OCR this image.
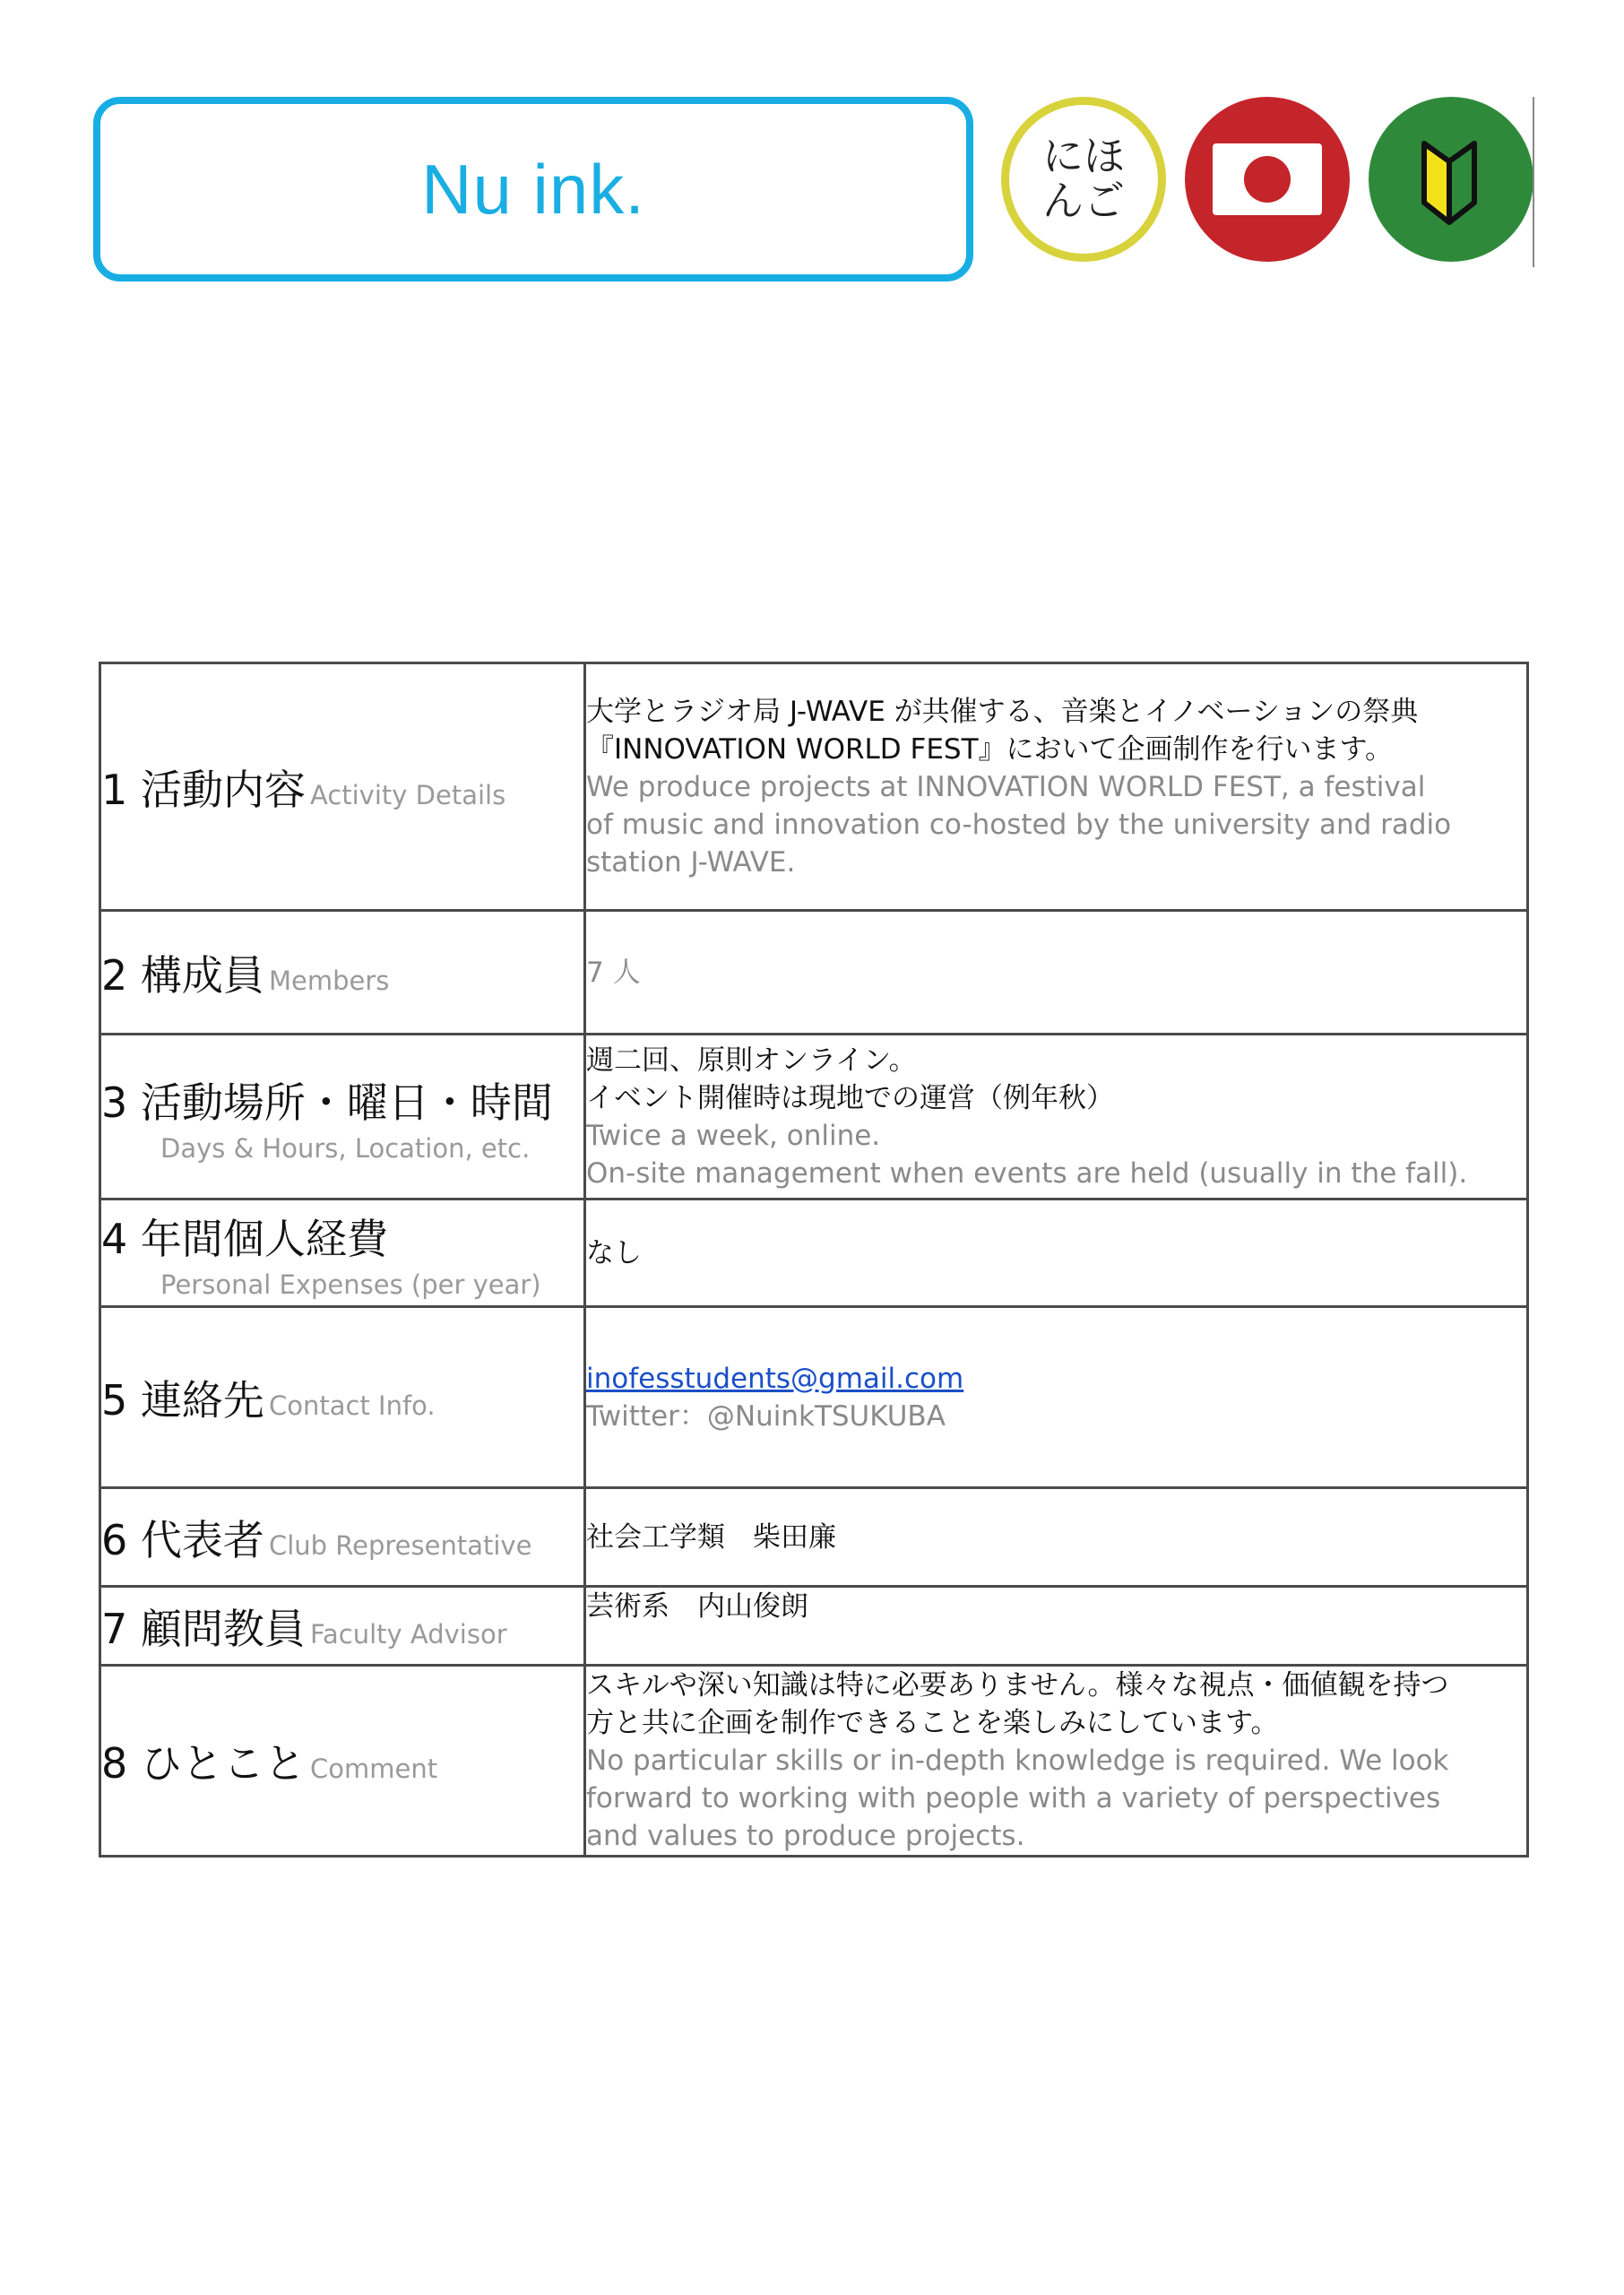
Nu ink.	にほ
んご
1 活動内容 Activity Details	大学とラジオ局 J-WAVE が共催する、音楽とイノベーションの祭典
『INNOVATION WORLD FEST』において企画制作を行います。
We produce projects at INNOVATION WORLD FEST, a festival
of music and innovation co-hosted by the university and radio
station J-WAVE.

2 構成員 Members	7 人

3 活動場所・曜日・時間
Days & Hours, Location, etc.	週二回、原則オンライン。
イベント開催時は現地での運営（例年秋）
Twice a week, online.
On-site management when events are held (usually in the fall).

4 年間個人経費
Personal Expenses (per year)	なし

5 連絡先 Contact Info.	inofesstudents@gmail.com
Twitter：@NuinkTSUKUBA

6 代表者 Club Representative	社会工学類　柴田廉

7 顧問教員 Faculty Advisor	芸術系　内山俊朗

8 ひとこと Comment	スキルや深い知識は特に必要ありません。様々な視点・価値観を持つ
方と共に企画を制作できることを楽しみにしています。
No particular skills or in-depth knowledge is required. We look
forward to working with people with a variety of perspectives
and values to produce projects.
